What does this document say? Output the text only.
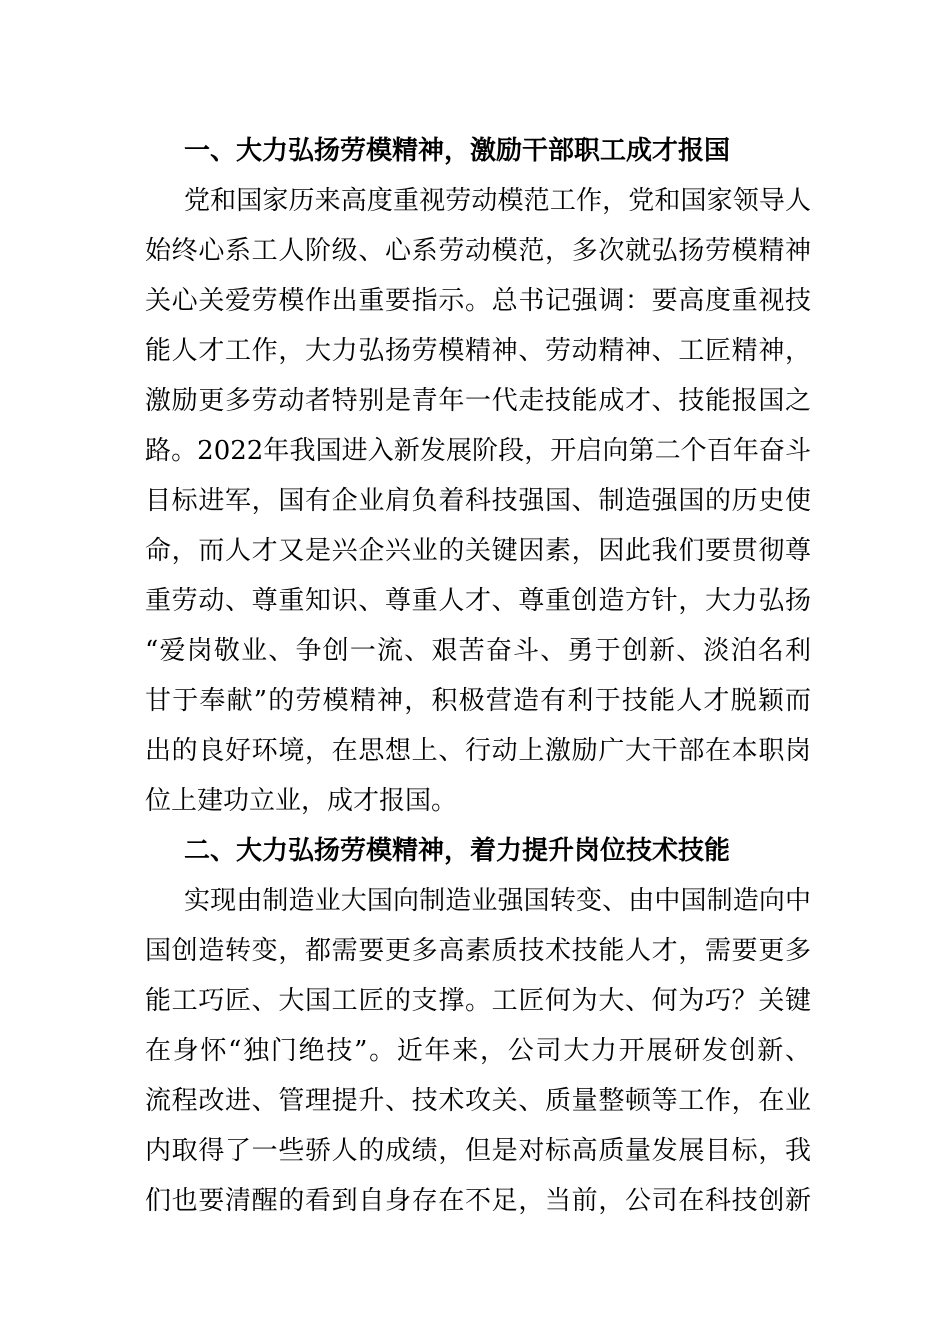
一、大力弘扬劳模精神，激励干部职工成才报国
党和国家历来高度重视劳动模范工作，党和国家领导人
始终心系工人阶级、心系劳动模范，多次就弘扬劳模精神
关心关爱劳模作出重要指示。总书记强调：要高度重视技
能人才工作，大力弘扬劳模精神、劳动精神、工匠精神，
激励更多劳动者特别是青年一代走技能成才、技能报国之
路。2022年我国进入新发展阶段，开启向第二个百年奋斗
目标进军，国有企业肩负着科技强国、制造强国的历史使
命，而人才又是兴企兴业的关键因素，因此我们要贯彻尊
重劳动、尊重知识、尊重人才、尊重创造方针，大力弘扬
“爱岗敬业、争创一流、艰苦奋斗、勇于创新、淡泊名利
甘于奉献”的劳模精神，积极营造有利于技能人才脱颖而
出的良好环境，在思想上、行动上激励广大干部在本职岗
位上建功立业，成才报国。
二、大力弘扬劳模精神，着力提升岗位技术技能
实现由制造业大国向制造业强国转变、由中国制造向中
国创造转变，都需要更多高素质技术技能人才，需要更多
能工巧匠、大国工匠的支撑。工匠何为大、何为巧？关键
在身怀“独门绝技”。近年来，公司大力开展研发创新、
流程改进、管理提升、技术攻关、质量整顿等工作，在业
内取得了一些骄人的成绩，但是对标高质量发展目标，我
们也要清醒的看到自身存在不足，当前，公司在科技创新
